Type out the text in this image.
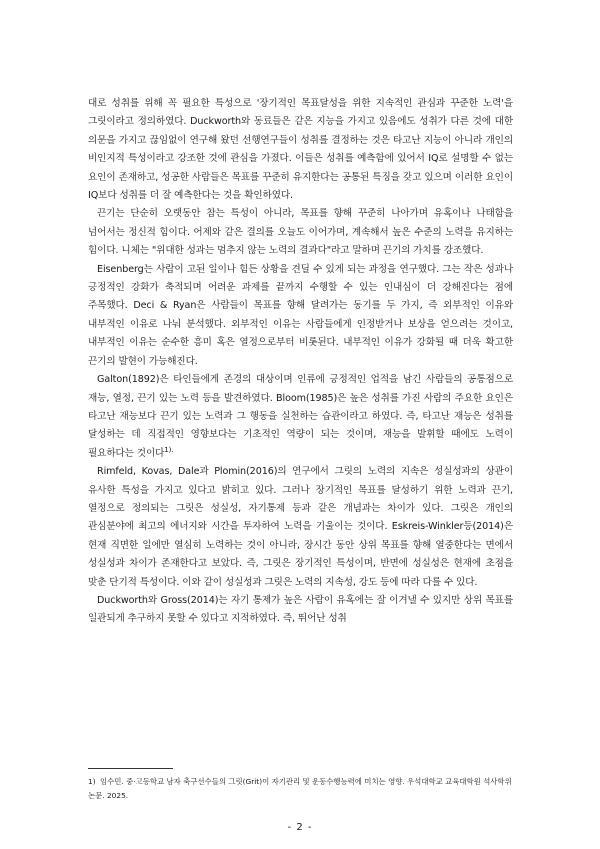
대로 성취를 위해 꼭 필요한 특성으로 '장기적인 목표달성을 위한 지속적인 관심과 꾸준한 노력'을 그릿이라고 정의하였다. Duckworth와 동료들은 같은 지능을 가지고 있음에도 성취가 다른 것에 대한 의문을 가지고 끊임없이 연구해 왔던 선행연구들이 성취를 결정하는 것은 타고난 지능이 아니라 개인의 비인지적 특성이라고 강조한 것에 관심을 가졌다. 이들은 성취를 예측함에 있어서 IQ로 설명할 수 없는 요인이 존재하고, 성공한 사람들은 목표를 꾸준히 유지한다는 공통된 특징을 갖고 있으며 이러한 요인이 IQ보다 성취를 더 잘 예측한다는 것을 확인하였다.

끈기는 단순히 오랫동안 참는 특성이 아니라, 목표를 향해 꾸준히 나아가며 유혹이나 나태함을 넘어서는 정신적 힘이다. 어제와 같은 결의를 오늘도 이어가며, 계속해서 높은 수준의 노력을 유지하는 힘이다. 니체는 "위대한 성과는 멈추지 않는 노력의 결과다"라고 말하며 끈기의 가치를 강조했다.

Eisenberg는 사람이 고된 일이나 힘든 상황을 견딜 수 있게 되는 과정을 연구했다. 그는 작은 성과나 긍정적인 강화가 축적되며 어려운 과제를 끝까지 수행할 수 있는 인내심이 더 강해진다는 점에 주목했다. Deci & Ryan은 사람들이 목표를 향해 달려가는 동기를 두 가지, 즉 외부적인 이유와 내부적인 이유로 나눠 분석했다. 외부적인 이유는 사람들에게 인정받거나 보상을 얻으려는 것이고, 내부적인 이유는 순수한 흥미 혹은 열정으로부터 비롯된다. 내부적인 이유가 강화될 때 더욱 확고한 끈기의 발현이 가능해진다.

Galton(1892)은 타인들에게 존경의 대상이며 인류에 긍정적인 업적을 남긴 사람들의 공통점으로 재능, 열정, 끈기 있는 노력 등을 발견하였다. Bloom(1985)은 높은 성취를 가진 사람의 주요한 요인은 타고난 재능보다 끈기 있는 노력과 그 행동을 실천하는 습관이라고 하였다. 즉, 타고난 재능은 성취를 달성하는 데 직접적인 영향보다는 기초적인 역량이 되는 것이며, 재능을 발휘할 때에도 노력이 필요하다는 것이다$^{1).}$

Rimfeld, Kovas, Dale과 Plomin(2016)의 연구에서 그릿의 노력의 지속은 성실성과의 상관이 유사한 특성을 가지고 있다고 밝히고 있다. 그러나 장기적인 목표를 달성하기 위한 노력과 끈기, 열정으로 정의되는 그릿은 성실성, 자기통제 등과 같은 개념과는 차이가 있다. 그릿은 개인의 관심분야에 최고의 에너지와 시간을 투자하여 노력을 기울이는 것이다. Eskreis-Winkler등(2014)은 현재 직면한 일에만 열심히 노력하는 것이 아니라, 장시간 동안 상위 목표를 향해 열중한다는 면에서 성실성과 차이가 존재한다고 보았다. 즉, 그릿은 장기적인 특성이며, 반면에 성실성은 현재에 초점을 맞춘 단기적 특성이다. 이와 같이 성실성과 그릿은 노력의 지속성, 강도 등에 따라 다를 수 있다.

Duckworth와 Gross(2014)는 자기 통제가 높은 사람이 유혹에는 잘 이겨낼 수 있지만 상위 목표를 일관되게 추구하지 못할 수 있다고 지적하였다. 즉, 뛰어난 성취

1) 임수민. 중·고등학교 남자 축구선수들의 그릿(Grit)이 자기관리 및 운동수행능력에 미치는 영향. 우석대학교 교육대학원 석사학위논문. 2025.
- 2 -
